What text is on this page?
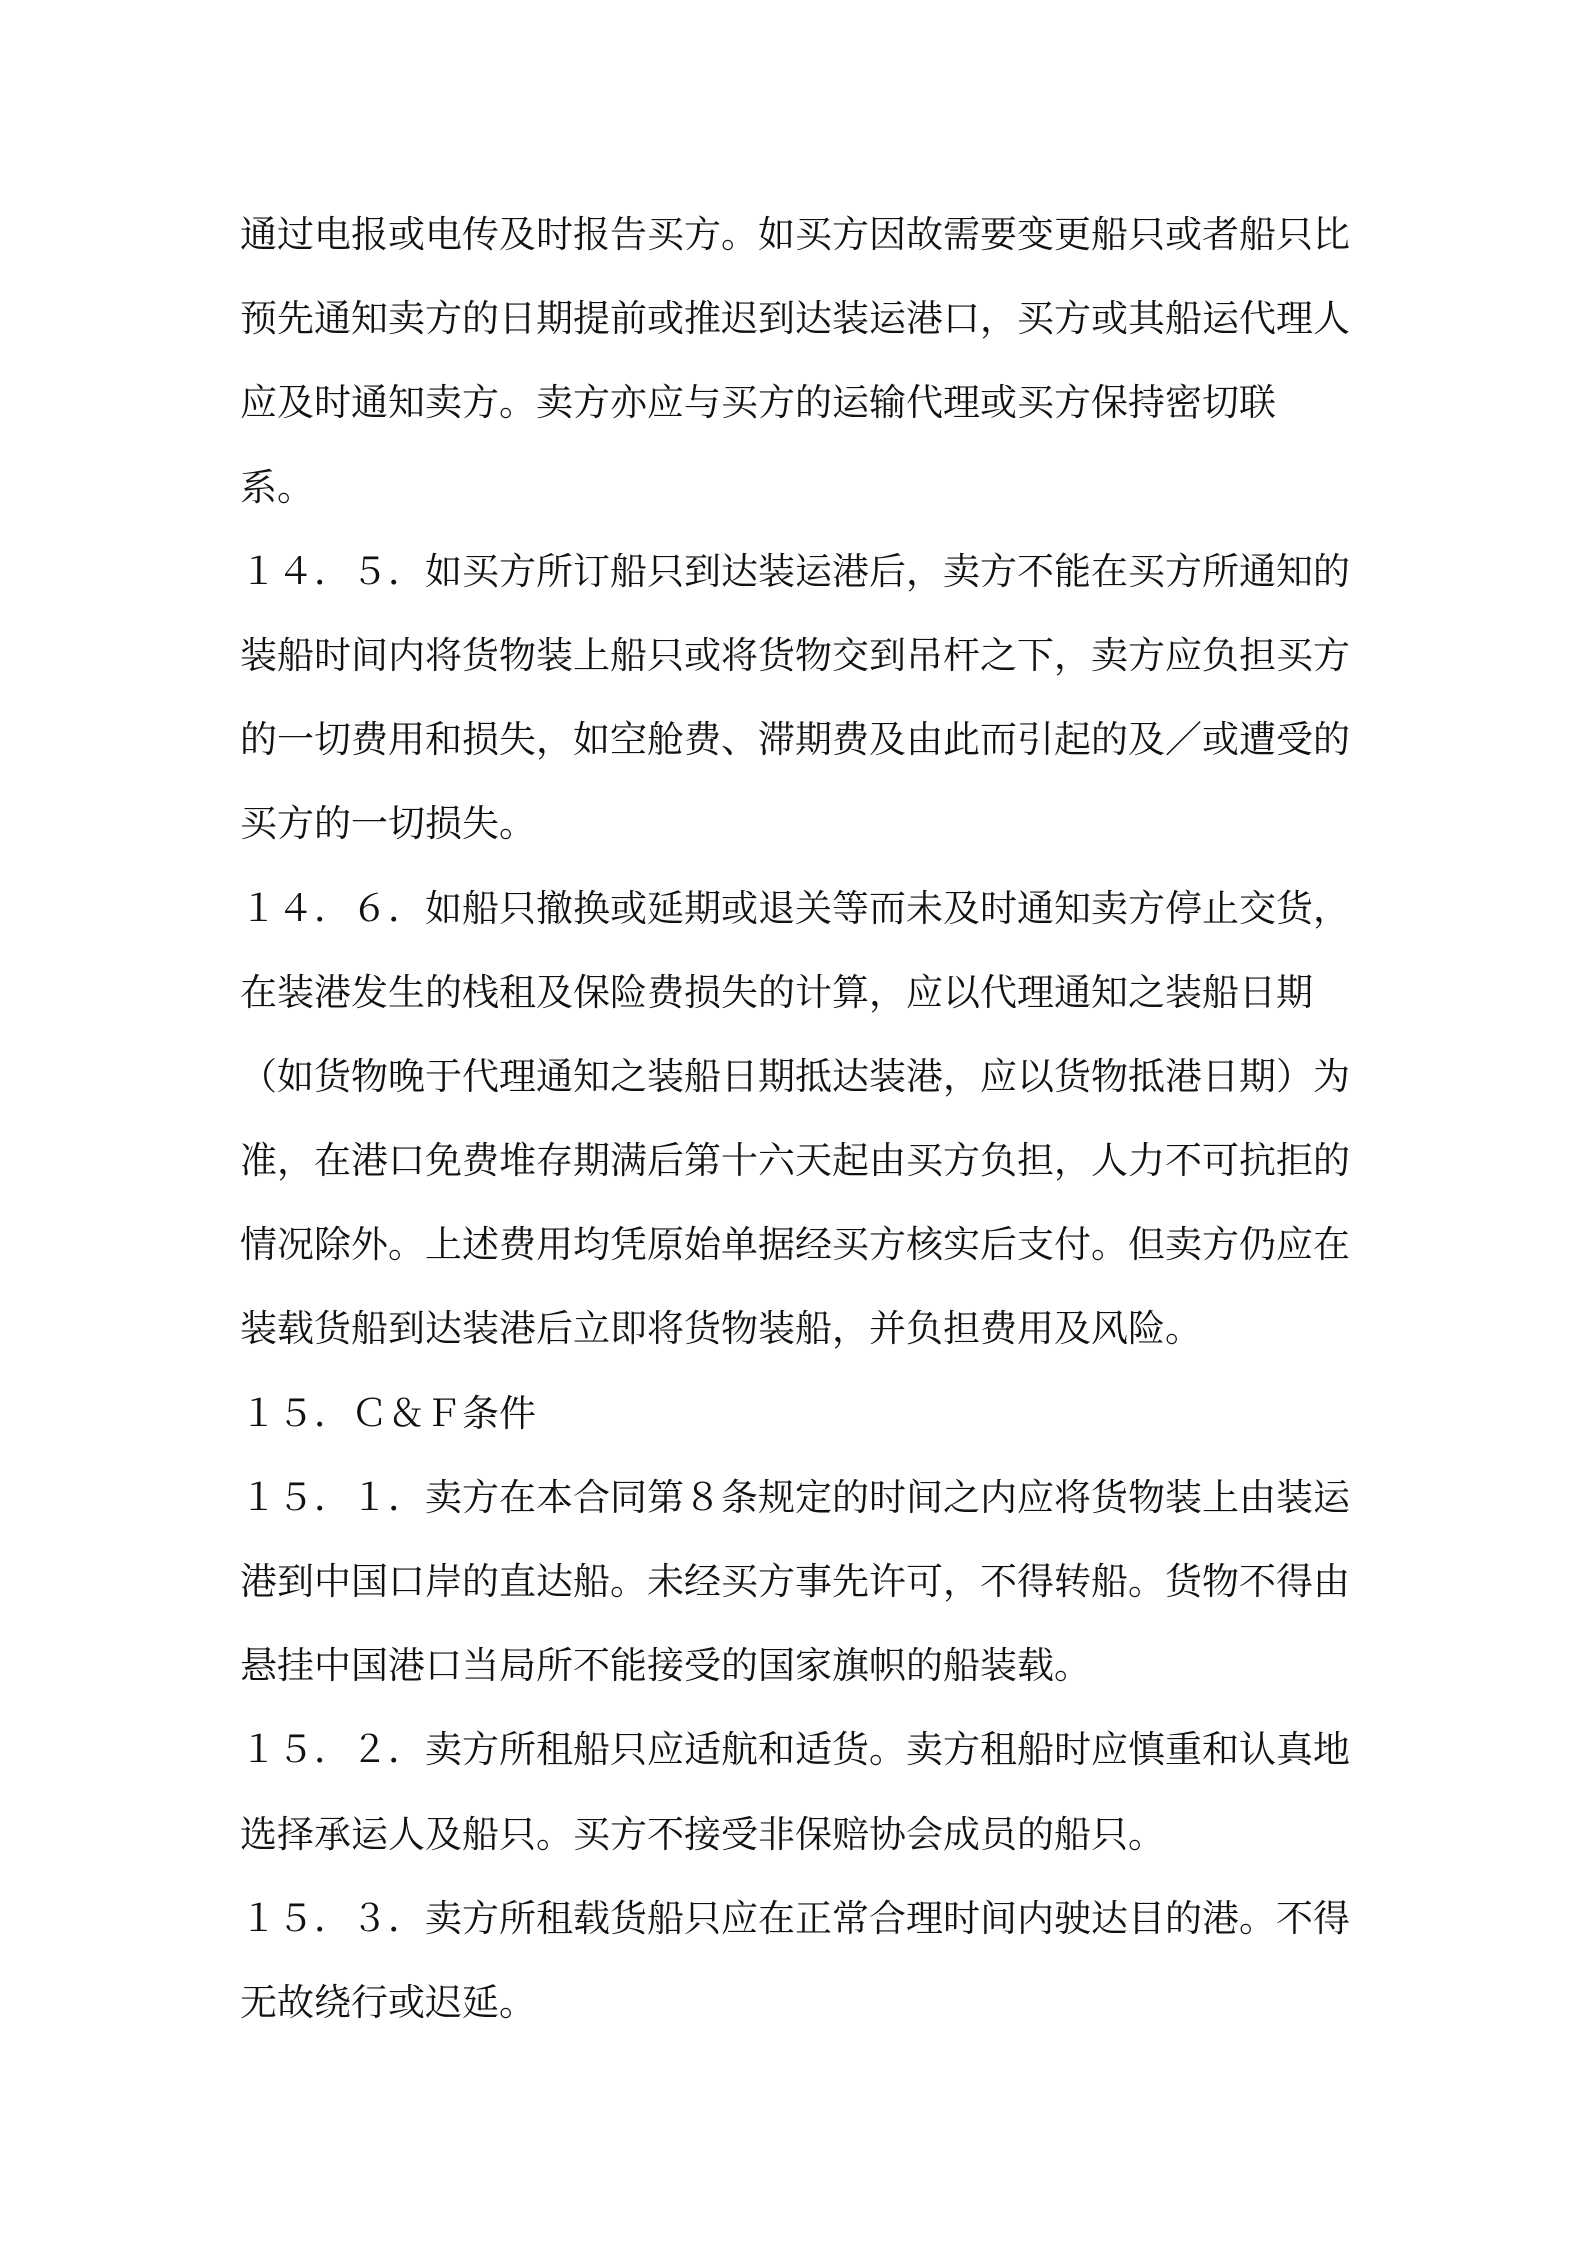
通过电报或电传及时报告买方。如买方因故需要变更船只或者船只比
预先通知卖方的日期提前或推迟到达装运港口，买方或其船运代理人
应及时通知卖方。卖方亦应与买方的运输代理或买方保持密切联
系。
１４．５．如买方所订船只到达装运港后，卖方不能在买方所通知的
装船时间内将货物装上船只或将货物交到吊杆之下，卖方应负担买方
的一切费用和损失，如空舱费、滞期费及由此而引起的及／或遭受的
买方的一切损失。
１４．６．如船只撤换或延期或退关等而未及时通知卖方停止交货，
在装港发生的栈租及保险费损失的计算，应以代理通知之装船日期
（如货物晚于代理通知之装船日期抵达装港，应以货物抵港日期）为
准，在港口免费堆存期满后第十六天起由买方负担，人力不可抗拒的
情况除外。上述费用均凭原始单据经买方核实后支付。但卖方仍应在
装载货船到达装港后立即将货物装船，并负担费用及风险。
１５．Ｃ＆Ｆ条件
１５．１．卖方在本合同第８条规定的时间之内应将货物装上由装运
港到中国口岸的直达船。未经买方事先许可，不得转船。货物不得由
悬挂中国港口当局所不能接受的国家旗帜的船装载。
１５．２．卖方所租船只应适航和适货。卖方租船时应慎重和认真地
选择承运人及船只。买方不接受非保赔协会成员的船只。
１５．３．卖方所租载货船只应在正常合理时间内驶达目的港。不得
无故绕行或迟延。
